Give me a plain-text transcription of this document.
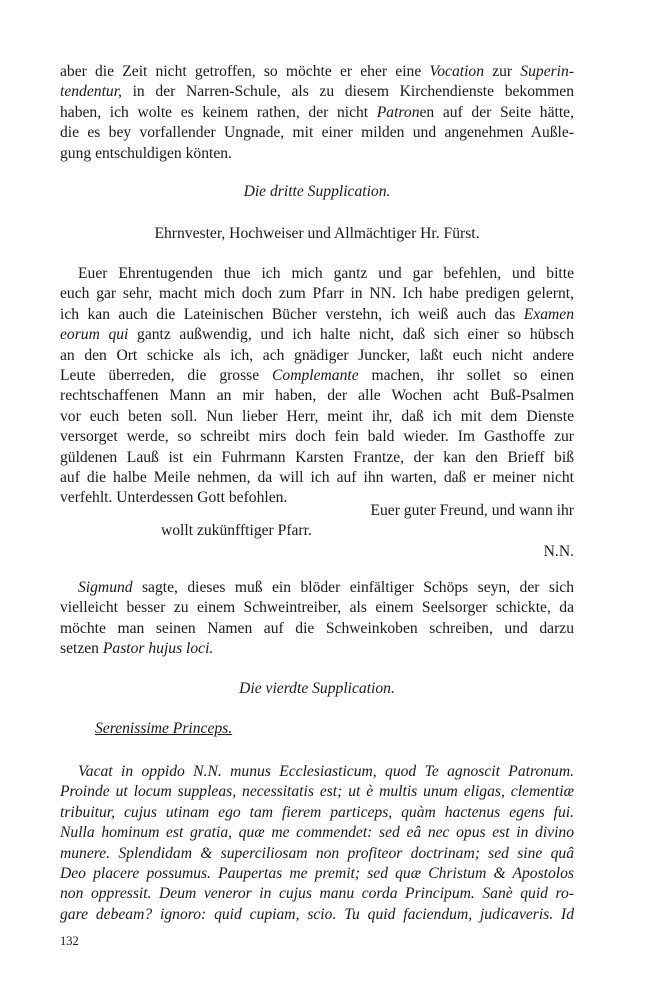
aber die Zeit nicht getroffen, so möchte er eher eine Vocation zur Superin-
tendentur, in der Narren-Schule, als zu diesem Kirchendienste bekommen
haben, ich wolte es keinem rathen, der nicht Patronen auf der Seite hätte,
die es bey vorfallender Ungnade, mit einer milden und angenehmen Außle-
gung entschuldigen könten.

Die dritte Supplication.

Ehrnvester, Hochweiser und Allmächtiger Hr. Fürst.

Euer Ehrentugenden thue ich mich gantz und gar befehlen, und bitte
euch gar sehr, macht mich doch zum Pfarr in NN. Ich habe predigen gelernt,
ich kan auch die Lateinischen Bücher verstehn, ich weiß auch das Examen
eorum qui gantz außwendig, und ich halte nicht, daß sich einer so hübsch
an den Ort schicke als ich, ach gnädiger Juncker, laßt euch nicht andere
Leute überreden, die grosse Complemante machen, ihr sollet so einen
rechtschaffenen Mann an mir haben, der alle Wochen acht Buß-Psalmen
vor euch beten soll. Nun lieber Herr, meint ihr, daß ich mit dem Dienste
versorget werde, so schreibt mirs doch fein bald wieder. Im Gasthoffe zur
güldenen Lauß ist ein Fuhrmann Karsten Frantze, der kan den Brieff biß
auf die halbe Meile nehmen, da will ich auf ihn warten, daß er meiner nicht
verfehlt. Unterdessen Gott befohlen.

Euer guter Freund, und wann ihr

wollt zukünfftiger Pfarr.

N.N.

Sigmund sagte, dieses muß ein blöder einfältiger Schöps seyn, der sich
vielleicht besser zu einem Schweintreiber, als einem Seelsorger schickte, da
möchte man seinen Namen auf die Schweinkoben schreiben, und darzu
setzen Pastor hujus loci.

Die vierdte Supplication.

Serenissime Princeps.

Vacat in oppido N.N. munus Ecclesiasticum, quod Te agnoscit Patronum.
Proinde ut locum suppleas, necessitatis est; ut è multis unum eligas, clementiæ
tribuitur, cujus utinam ego tam fierem particeps, quàm hactenus egens fui.
Nulla hominum est gratia, quæ me commendet: sed eâ nec opus est in divino
munere. Splendidam & superciliosam non profiteor doctrinam; sed sine quâ
Deo placere possumus. Paupertas me premit; sed quæ Christum & Apostolos
non oppressit. Deum veneror in cujus manu corda Principum. Sanè quid ro-
gare debeam? ignoro: quid cupiam, scio. Tu quid faciendum, judicaveris. Id

132
